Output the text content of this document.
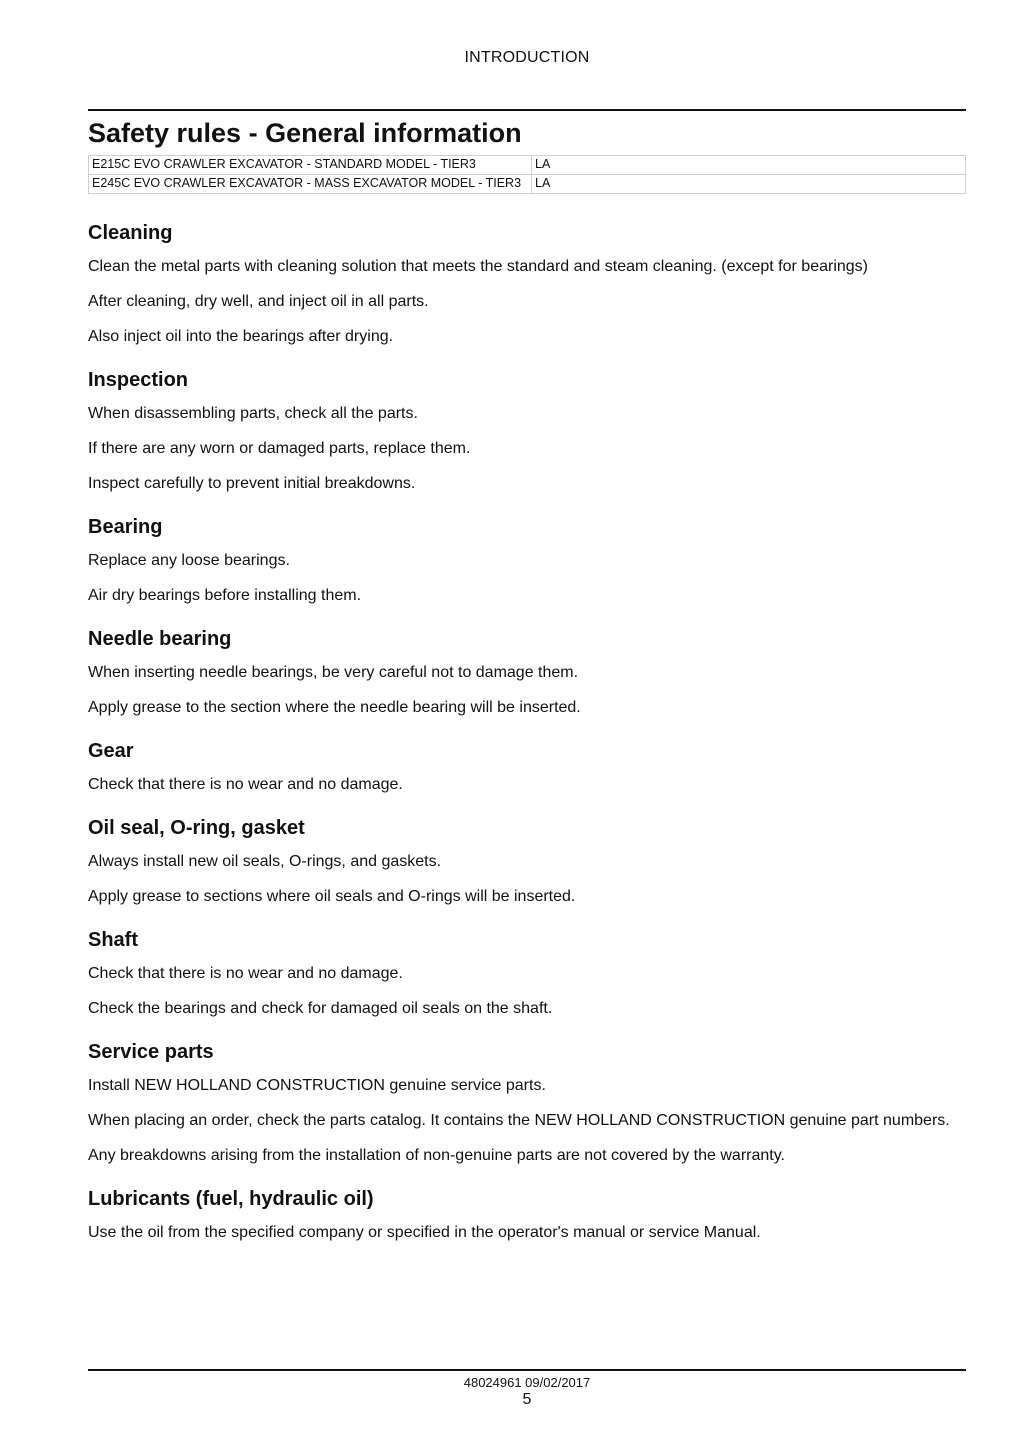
INTRODUCTION
Safety rules - General information
E215C EVO CRAWLER EXCAVATOR - STANDARD MODEL - TIER3	LA
E245C EVO CRAWLER EXCAVATOR - MASS EXCAVATOR MODEL - TIER3	LA
Cleaning

Clean the metal parts with cleaning solution that meets the standard and steam cleaning. (except for bearings)

After cleaning, dry well, and inject oil in all parts.

Also inject oil into the bearings after drying.

Inspection

When disassembling parts, check all the parts.

If there are any worn or damaged parts, replace them.

Inspect carefully to prevent initial breakdowns.

Bearing

Replace any loose bearings.

Air dry bearings before installing them.

Needle bearing

When inserting needle bearings, be very careful not to damage them.

Apply grease to the section where the needle bearing will be inserted.

Gear

Check that there is no wear and no damage.

Oil seal, O-ring, gasket

Always install new oil seals, O-rings, and gaskets.

Apply grease to sections where oil seals and O-rings will be inserted.

Shaft

Check that there is no wear and no damage.

Check the bearings and check for damaged oil seals on the shaft.

Service parts

Install NEW HOLLAND CONSTRUCTION genuine service parts.

When placing an order, check the parts catalog. It contains the NEW HOLLAND CONSTRUCTION genuine part numbers.

Any breakdowns arising from the installation of non-genuine parts are not covered by the warranty.

Lubricants (fuel, hydraulic oil)

Use the oil from the specified company or specified in the operator's manual or service Manual.

48024961 09/02/2017
5
